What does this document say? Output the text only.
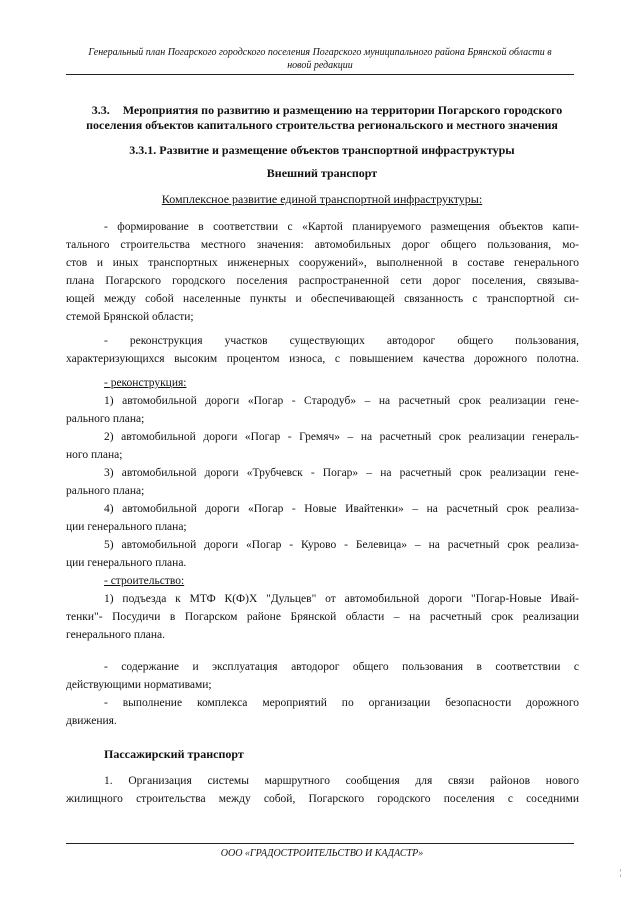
Генеральный план Погарского городского поселения Погарского муниципального района Брянской области в
новой редакции
3.3. Мероприятия по развитию и размещению на территории Погарского городского
поселения объектов капитального строительства региональского и местного значения
3.3.1. Развитие и размещение объектов транспортной инфраструктуры
Внешний транспорт
Комплексное развитие единой транспортной инфраструктуры:
- формирование в соответствии с «Картой планируемого размещения объектов капи-
тального строительства местного значения: автомобильных дорог общего пользования, мо-
стов и иных транспортных инженерных сооружений», выполненной в составе генерального
плана Погарского городского поселения распространенной сети дорог поселения, связыва-
ющей между собой населенные пункты и обеспечивающей связанность с транспортной си-
стемой Брянской области;
- реконструкция участков существующих автодорог общего пользования,
характеризующихся высоким процентом износа, с повышением качества дорожного полотна.
- реконструкция:
1) автомобильной дороги «Погар - Стародуб» – на расчетный срок реализации гене-
рального плана;
2) автомобильной дороги «Погар - Гремяч» – на расчетный срок реализации генераль-
ного плана;
3) автомобильной дороги «Трубчевск - Погар» – на расчетный срок реализации гене-
рального плана;
4) автомобильной дороги «Погар - Новые Ивайтенки» – на расчетный срок реализа-
ции генерального плана;
5) автомобильной дороги «Погар - Курово - Белевица» – на расчетный срок реализа-
ции генерального плана.
- строительство:
1) подъезда к МТФ К(Ф)Х "Дульцев" от автомобильной дороги "Погар-Новые Ивай-
тенки"- Посудичи в Погарском районе Брянской области – на расчетный срок реализации
генерального плана.
- содержание и эксплуатация автодорог общего пользования в соответствии с
действующими нормативами;
- выполнение комплекса мероприятий по организации безопасности дорожного
движения.
Пассажирский транспорт
1. Организация системы маршрутного сообщения для связи районов нового
жилищного строительства между собой, Погарского городского поселения с соседними
ООО «ГРАДОСТРОИТЕЛЬСТВО И КАДАСТР»
¦
